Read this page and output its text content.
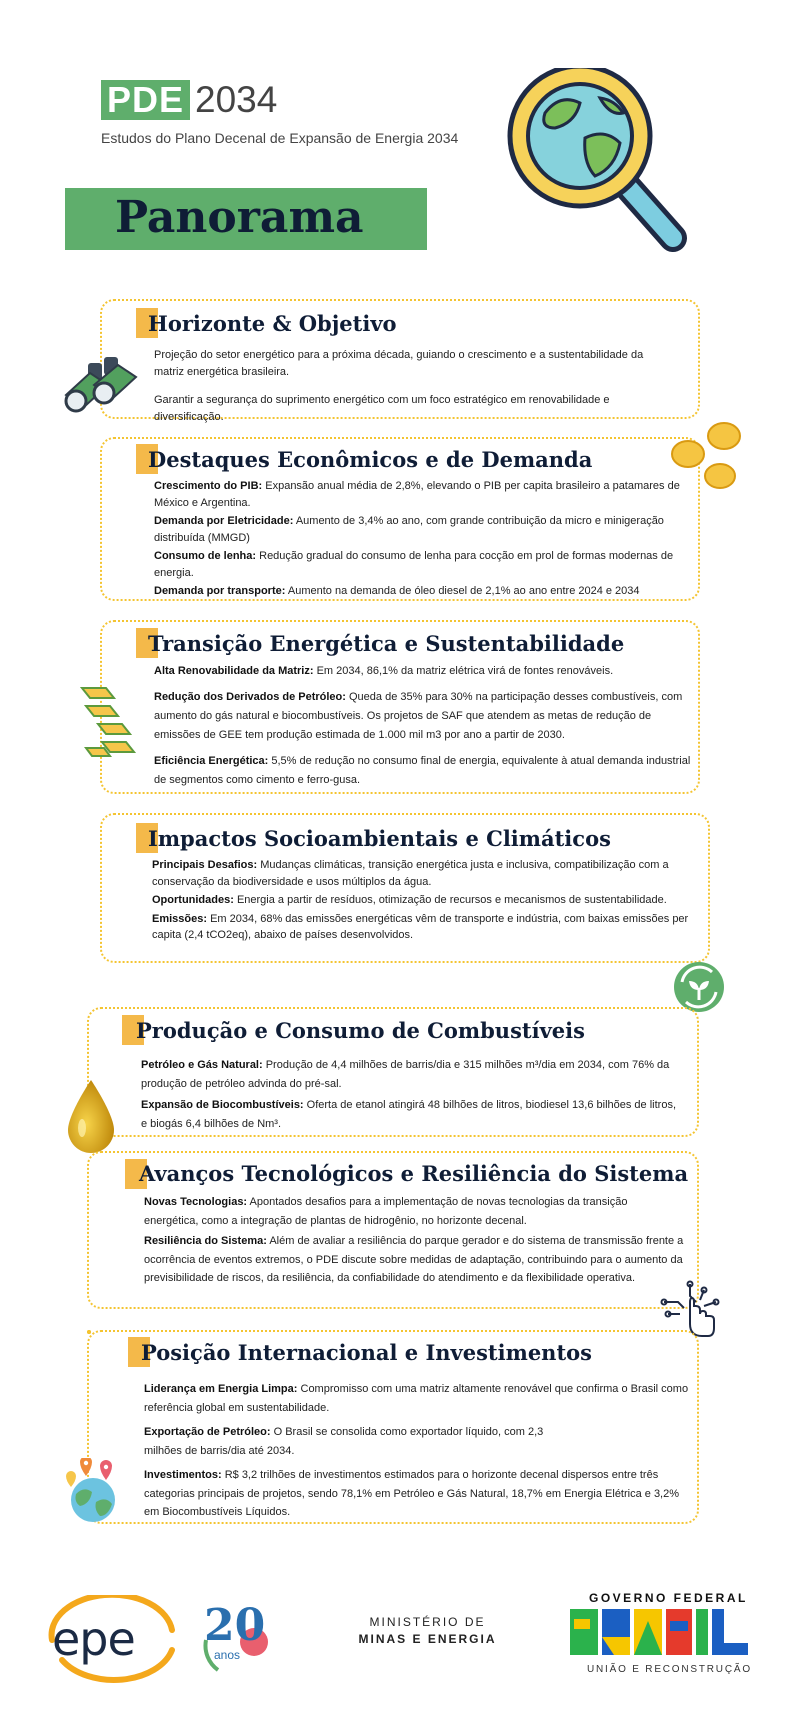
PDE 2034
Estudos do Plano Decenal de Expansão de Energia 2034
Panorama
Horizonte & Objetivo

Projeção do setor energético para a próxima década, guiando o crescimento e a sustentabilidade da matriz energética brasileira.

Garantir a segurança do suprimento energético com um foco estratégico em renovabilidade e diversificação.

Destaques Econômicos e de Demanda

Crescimento do PIB: Expansão anual média de 2,8%, elevando o PIB per capita brasileiro a patamares de México e Argentina.

Demanda por Eletricidade: Aumento de 3,4% ao ano, com grande contribuição da micro e minigeração distribuída (MMGD)

Consumo de lenha: Redução gradual do consumo de lenha para cocção em prol de formas modernas de energia.

Demanda por transporte: Aumento na demanda de óleo diesel de 2,1% ao ano entre 2024 e 2034

Transição Energética e Sustentabilidade

Alta Renovabilidade da Matriz: Em 2034, 86,1% da matriz elétrica virá de fontes renováveis.

Redução dos Derivados de Petróleo: Queda de 35% para 30% na participação desses combustíveis, com aumento do gás natural e biocombustíveis. Os projetos de SAF que atendem as metas de redução de emissões de GEE tem produção estimada de 1.000 mil m3 por ano a partir de 2030.

Eficiência Energética: 5,5% de redução no consumo final de energia, equivalente à atual demanda industrial de segmentos como cimento e ferro-gusa.

Impactos Socioambientais e Climáticos

Principais Desafios: Mudanças climáticas, transição energética justa e inclusiva, compatibilização com a conservação da biodiversidade e usos múltiplos da água.

Oportunidades: Energia a partir de resíduos, otimização de recursos e mecanismos de sustentabilidade.

Emissões: Em 2034, 68% das emissões energéticas vêm de transporte e indústria, com baixas emissões per capita (2,4 tCO2eq), abaixo de países desenvolvidos.

Produção e Consumo de Combustíveis

Petróleo e Gás Natural: Produção de 4,4 milhões de barris/dia e 315 milhões m³/dia em 2034, com 76% da produção de petróleo advinda do pré-sal.

Expansão de Biocombustíveis: Oferta de etanol atingirá 48 bilhões de litros, biodiesel 13,6 bilhões de litros, e biogás 6,4 bilhões de Nm³.

Avanços Tecnológicos e Resiliência do Sistema

Novas Tecnologias: Apontados desafios para a implementação de novas tecnologias da transição energética, como a integração de plantas de hidrogênio, no horizonte decenal.

Resiliência do Sistema: Além de avaliar a resiliência do parque gerador e do sistema de transmissão frente a ocorrência de eventos extremos, o PDE discute sobre medidas de adaptação, contribuindo para o aumento da previsibilidade de riscos, da resiliência, da confiabilidade do atendimento e da flexibilidade operativa.

Posição Internacional e Investimentos

Liderança em Energia Limpa: Compromisso com uma matriz altamente renovável que confirma o Brasil como referência global em sustentabilidade.

Exportação de Petróleo: O Brasil se consolida como exportador líquido, com 2,3 milhões de barris/dia até 2034.

Investimentos: R$ 3,2 trilhões de investimentos estimados para o horizonte decenal dispersos entre três categorias principais de projetos, sendo 78,1% em Petróleo e Gás Natural, 18,7% em Energia Elétrica e 3,2% em Biocombustíveis Líquidos.

epe 20
anos
MINISTÉRIO DE
MINAS E ENERGIA
GOVERNO FEDERAL
UNIÃO E RECONSTRUÇÃO
